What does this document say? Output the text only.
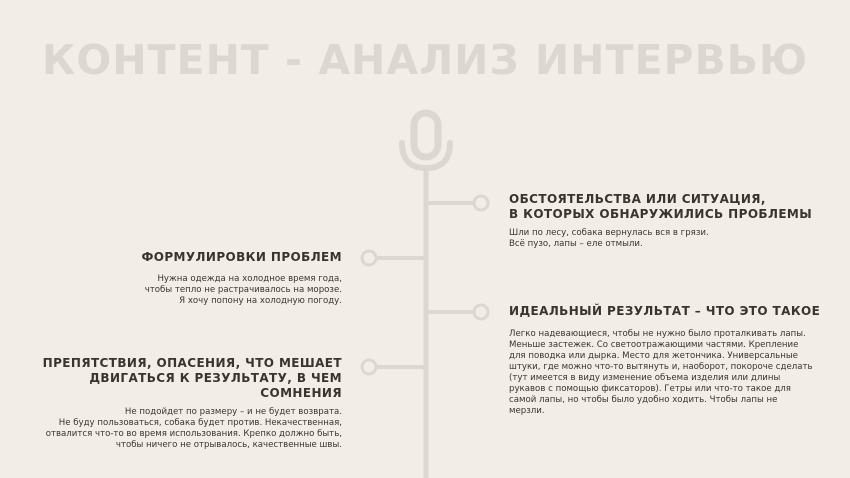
КОНТЕНТ - АНАЛИЗ ИНТЕРВЬЮ
ОБСТОЯТЕЛЬСТВА ИЛИ СИТУАЦИЯ,
В КОТОРЫХ ОБНАРУЖИЛИСЬ ПРОБЛЕМЫ

Шли по лесу, собака вернулась вся в грязи.
Всё пузо, лапы – еле отмыли.

ФОРМУЛИРОВКИ ПРОБЛЕМ

Нужна одежда на холодное время года,
чтобы тепло не растрачивалось на морозе.
Я хочу попону на холодную погоду.

ИДЕАЛЬНЫЙ РЕЗУЛЬТАТ – ЧТО ЭТО ТАКОЕ

Легко надевающиеся, чтобы не нужно было проталкивать лапы.
Меньше застежек. Со светоотражающими частями. Крепление
для поводка или дырка. Место для жетончика. Универсальные
штуки, где можно что-то вытянуть и, наоборот, покороче сделать
(тут имеется в виду изменение объема изделия или длины
рукавов с помощью фиксаторов). Гетры или что-то такое для
самой лапы, но чтобы было удобно ходить. Чтобы лапы не
мерзли.

ПРЕПЯТСТВИЯ, ОПАСЕНИЯ, ЧТО МЕШАЕТ
ДВИГАТЬСЯ К РЕЗУЛЬТАТУ, В ЧЕМ СОМНЕНИЯ

Не подойдет по размеру – и не будет возврата.
Не буду пользоваться, собака будет против. Некачественная,
отвалится что-то во время использования. Крепко должно быть,
чтобы ничего не отрывалось, качественные швы.
